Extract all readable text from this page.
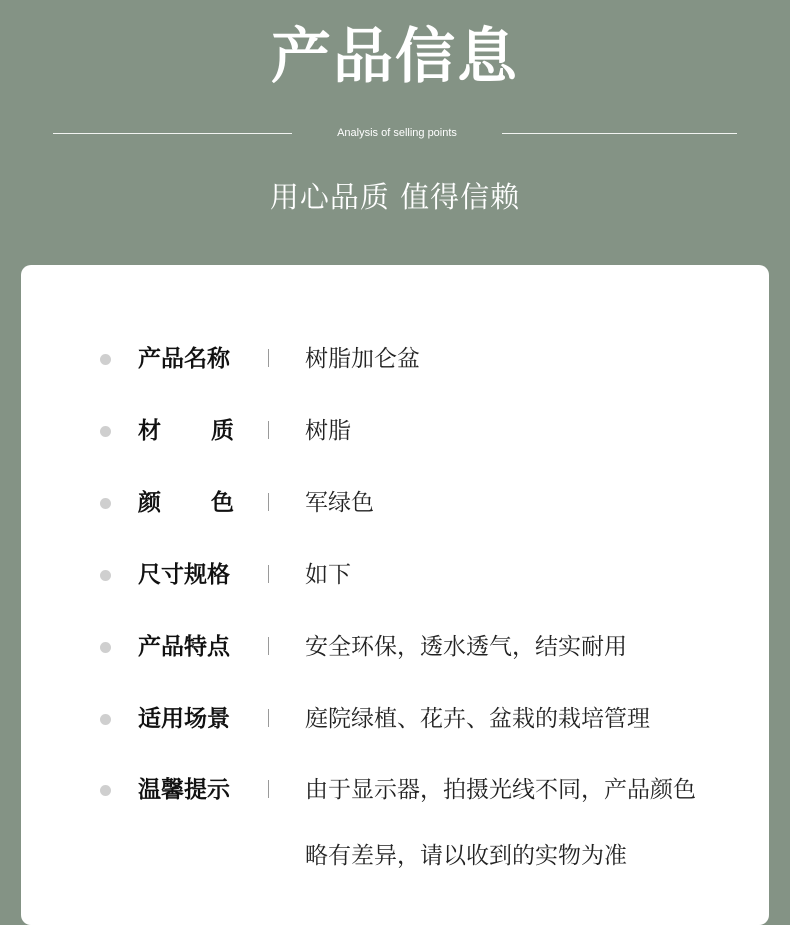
产品信息
Analysis of selling points
用心品质 值得信赖
产品名称	树脂加仑盆
材质	树脂
颜色	军绿色
尺寸规格	如下
产品特点	安全环保，透水透气，结实耐用
适用场景	庭院绿植、花卉、盆栽的栽培管理
温馨提示	由于显示器，拍摄光线不同，产品颜色
略有差异，请以收到的实物为准
